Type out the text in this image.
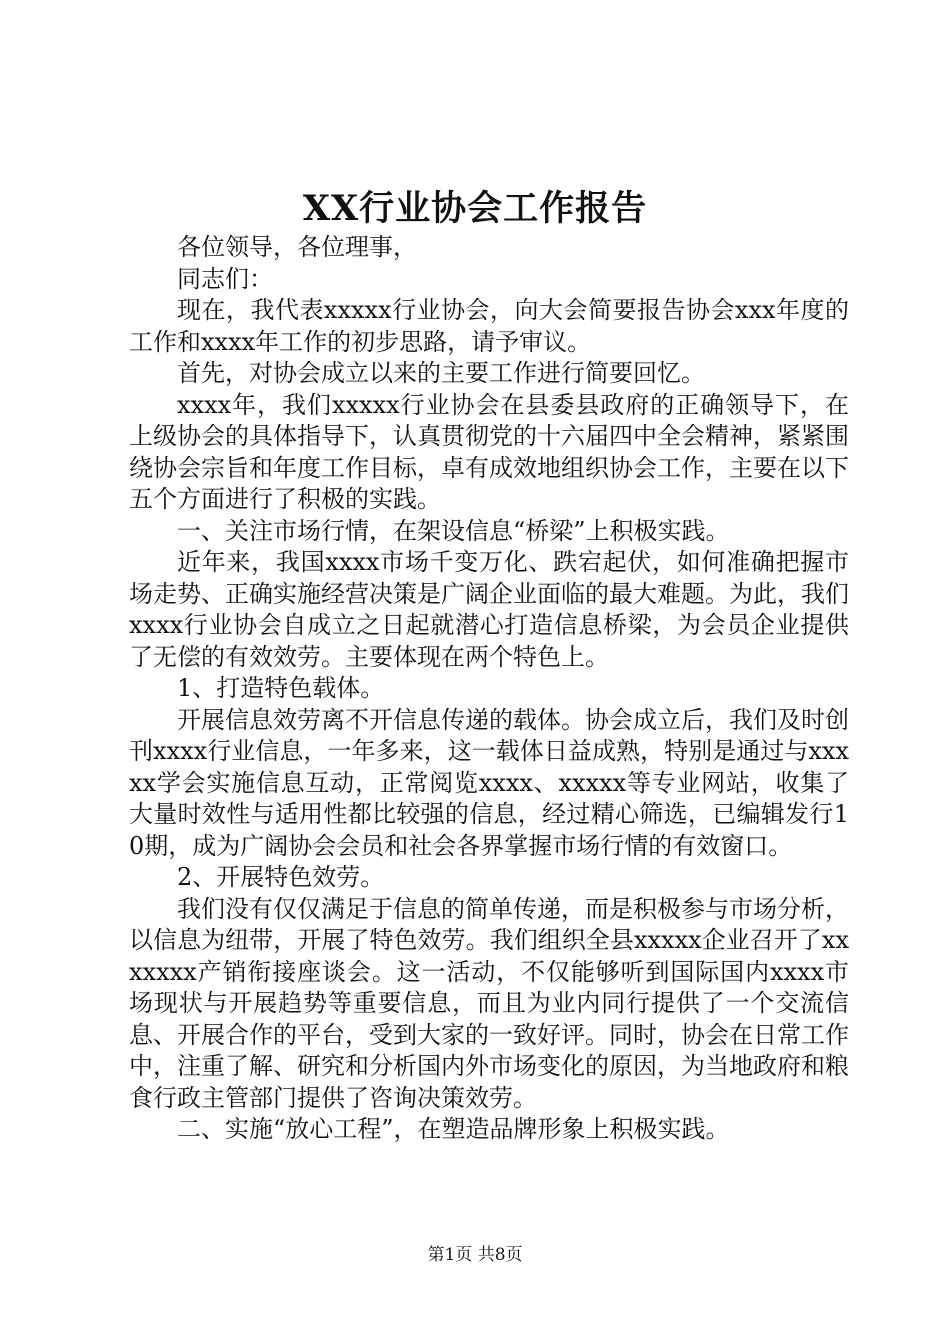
XX行业协会工作报告

各位领导，各位理事，

同志们：

现在，我代表xxxxx行业协会，向大会简要报告协会xxx年度的工作和xxxx年工作的初步思路，请予审议。

首先，对协会成立以来的主要工作进行简要回忆。

xxxx年，我们xxxxx行业协会在县委县政府的正确领导下，在上级协会的具体指导下，认真贯彻党的十六届四中全会精神，紧紧围绕协会宗旨和年度工作目标，卓有成效地组织协会工作，主要在以下五个方面进行了积极的实践。

一、关注市场行情，在架设信息“桥梁”上积极实践。

近年来，我国xxxx市场千变万化、跌宕起伏，如何准确把握市场走势、正确实施经营决策是广阔企业面临的最大难题。为此，我们xxxx行业协会自成立之日起就潜心打造信息桥梁，为会员企业提供了无偿的有效效劳。主要体现在两个特色上。

1、打造特色载体。

开展信息效劳离不开信息传递的载体。协会成立后，我们及时创刊xxxx行业信息，一年多来，这一载体日益成熟，特别是通过与xxxxx学会实施信息互动，正常阅览xxxx、xxxxx等专业网站，收集了大量时效性与适用性都比较强的信息，经过精心筛选，已编辑发行10期，成为广阔协会会员和社会各界掌握市场行情的有效窗口。

2、开展特色效劳。

我们没有仅仅满足于信息的简单传递，而是积极参与市场分析，以信息为纽带，开展了特色效劳。我们组织全县xxxxx企业召开了xxxxxxx产销衔接座谈会。这一活动，不仅能够听到国际国内xxxx市场现状与开展趋势等重要信息，而且为业内同行提供了一个交流信息、开展合作的平台，受到大家的一致好评。同时，协会在日常工作中，注重了解、研究和分析国内外市场变化的原因，为当地政府和粮食行政主管部门提供了咨询决策效劳。

二、实施“放心工程”，在塑造品牌形象上积极实践。

第1页 共8页
